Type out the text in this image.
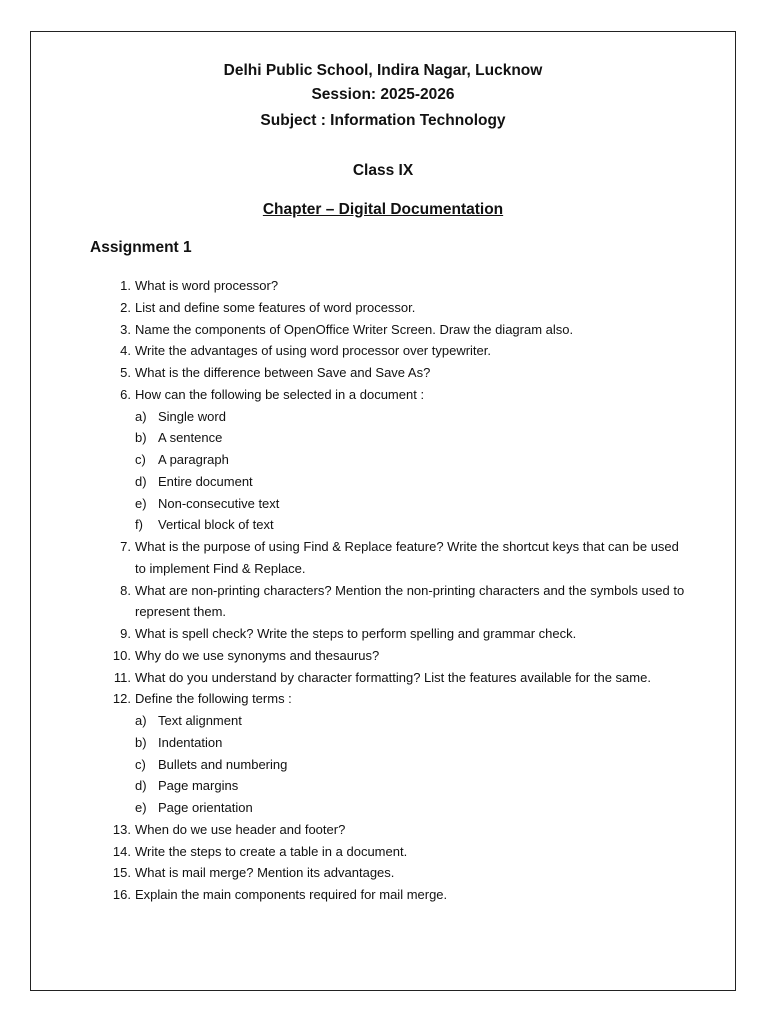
Delhi Public School, Indira Nagar, Lucknow
Session: 2025-2026
Subject : Information Technology
Class IX
Chapter – Digital Documentation
Assignment 1
1. What is word processor?
2. List and define some features of word processor.
3. Name the components of OpenOffice Writer Screen. Draw the diagram also.
4. Write the advantages of using word processor over typewriter.
5. What is the difference between Save and Save As?
6. How can the following be selected in a document :
a) Single word
b) A sentence
c) A paragraph
d) Entire document
e) Non-consecutive text
f)	Vertical block of text
7. What is the purpose of using Find & Replace feature? Write the shortcut keys that can be used to implement Find & Replace.
8. What are non-printing characters? Mention the non-printing characters and the symbols used to represent them.
9. What is spell check? Write the steps to perform spelling and grammar check.
10. Why do we use synonyms and thesaurus?
11. What do you understand by character formatting? List the features available for the same.
12. Define the following terms :
a) Text alignment
b) Indentation
c) Bullets and numbering
d) Page margins
e) Page orientation
13. When do we use header and footer?
14. Write the steps to create a table in a document.
15. What is mail merge? Mention its advantages.
16. Explain the main components required for mail merge.
